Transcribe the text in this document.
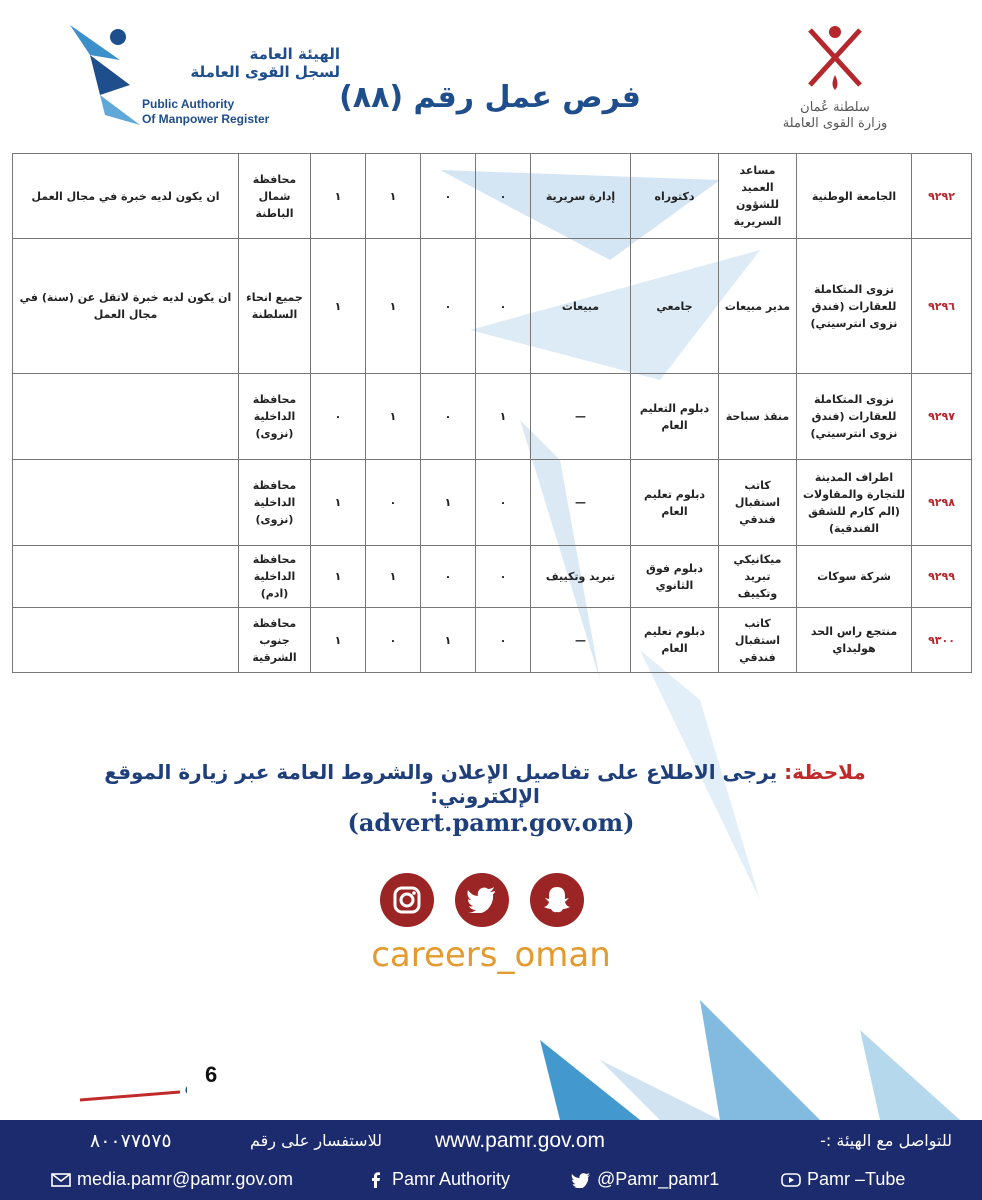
الهيئة العامة
لسجل القوى العاملة
Public Authority
Of Manpower Register
فرص عمل رقم (٨٨)	سلطنة عُمان
وزارة القوى العاملة
٩٢٩٢	الجامعة الوطنية	مساعد العميد للشؤون السريرية	دكتوراه	إدارة سريرية	٠	٠	١	١	محافظة شمال الباطنة	ان يكون لديه خبرة في مجال العمل
٩٢٩٦	نزوى المتكاملة للعقارات (فندق نزوى انترسيتي)	مدير مبيعات	جامعي	مبيعات	٠	٠	١	١	جميع انحاء السلطنة	ان يكون لديه خبرة لاتقل عن (سنة) في مجال العمل
٩٢٩٧	نزوى المتكاملة للعقارات (فندق نزوى انترسيتي)	منقذ سباحة	دبلوم التعليم العام	—	١	٠	١	٠	محافظة الداخلية (نزوى)	
٩٢٩٨	اطراف المدينة للتجارة والمقاولات (الم كارم للشقق الفندقية)	كاتب استقبال فندقي	دبلوم تعليم العام	—	٠	١	٠	١	محافظة الداخلية (نزوى)	
٩٢٩٩	شركة سوكات	ميكانيكي تبريد وتكييف	دبلوم فوق الثانوي	تبريد وتكييف	٠	٠	١	١	محافظة الداخلية (ادم)	
٩٣٠٠	منتجع راس الحد هوليداي	كاتب استقبال فندقي	دبلوم تعليم العام	—	٠	١	٠	١	محافظة جنوب الشرقية	
ملاحظة: يرجى الاطلاع على تفاصيل الإعلان والشروط العامة عبر زيارة الموقع الإلكتروني:
(advert.pamr.gov.om)
careers_oman
6
للتواصل مع الهيئة :-
www.pamr.gov.om
للاستفسار على رقم
٨٠٠٧٧٥٧٥
media.pamr@pamr.gov.om	Pamr Authority	@Pamr_pamr1	Pamr –Tube
